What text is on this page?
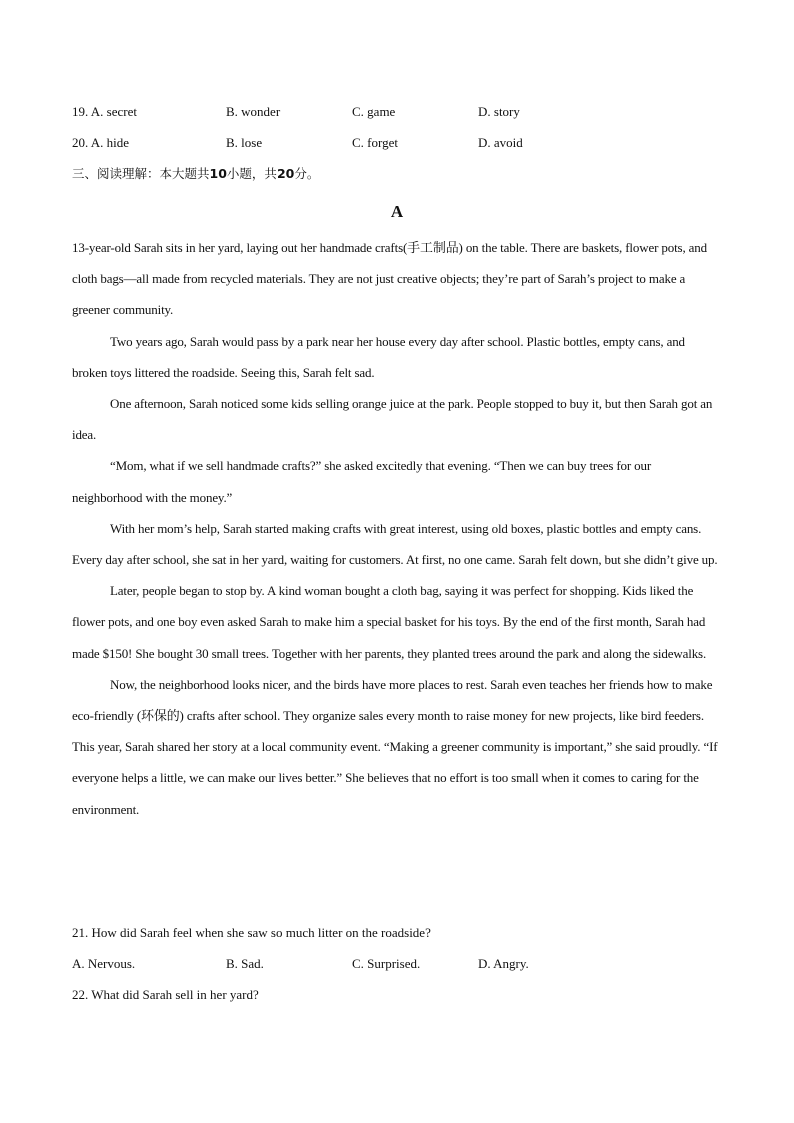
19. A. secret	B. wonder	C. game	D. story
20. A. hide	B. lose	C. forget	D. avoid
三、阅读理解：本大题共10小题，共20分。
A

13-year-old Sarah sits in her yard, laying out her handmade crafts(手工制品) on the table. There are baskets, flower pots, and cloth bags—all made from recycled materials. They are not just creative objects; they’re part of Sarah’s project to make a greener community.

Two years ago, Sarah would pass by a park near her house every day after school. Plastic bottles, empty cans, and broken toys littered the roadside. Seeing this, Sarah felt sad.

One afternoon, Sarah noticed some kids selling orange juice at the park. People stopped to buy it, but then Sarah got an idea.

“Mom, what if we sell handmade crafts?” she asked excitedly that evening. “Then we can buy trees for our neighborhood with the money.”

With her mom’s help, Sarah started making crafts with great interest, using old boxes, plastic bottles and empty cans. Every day after school, she sat in her yard, waiting for customers. At first, no one came. Sarah felt down, but she didn’t give up.

Later, people began to stop by. A kind woman bought a cloth bag, saying it was perfect for shopping. Kids liked the flower pots, and one boy even asked Sarah to make him a special basket for his toys. By the end of the first month, Sarah had made $150! She bought 30 small trees. Together with her parents, they planted trees around the park and along the sidewalks.

Now, the neighborhood looks nicer, and the birds have more places to rest. Sarah even teaches her friends how to make eco-friendly (环保的) crafts after school. They organize sales every month to raise money for new projects, like bird feeders.

This year, Sarah shared her story at a local community event. “Making a greener community is important,” she said proudly. “If everyone helps a little, we can make our lives better.” She believes that no effort is too small when it comes to caring for the environment.

21. How did Sarah feel when she saw so much litter on the roadside?
A. Nervous.	B. Sad.	C. Surprised.	D. Angry.
22. What did Sarah sell in her yard?
